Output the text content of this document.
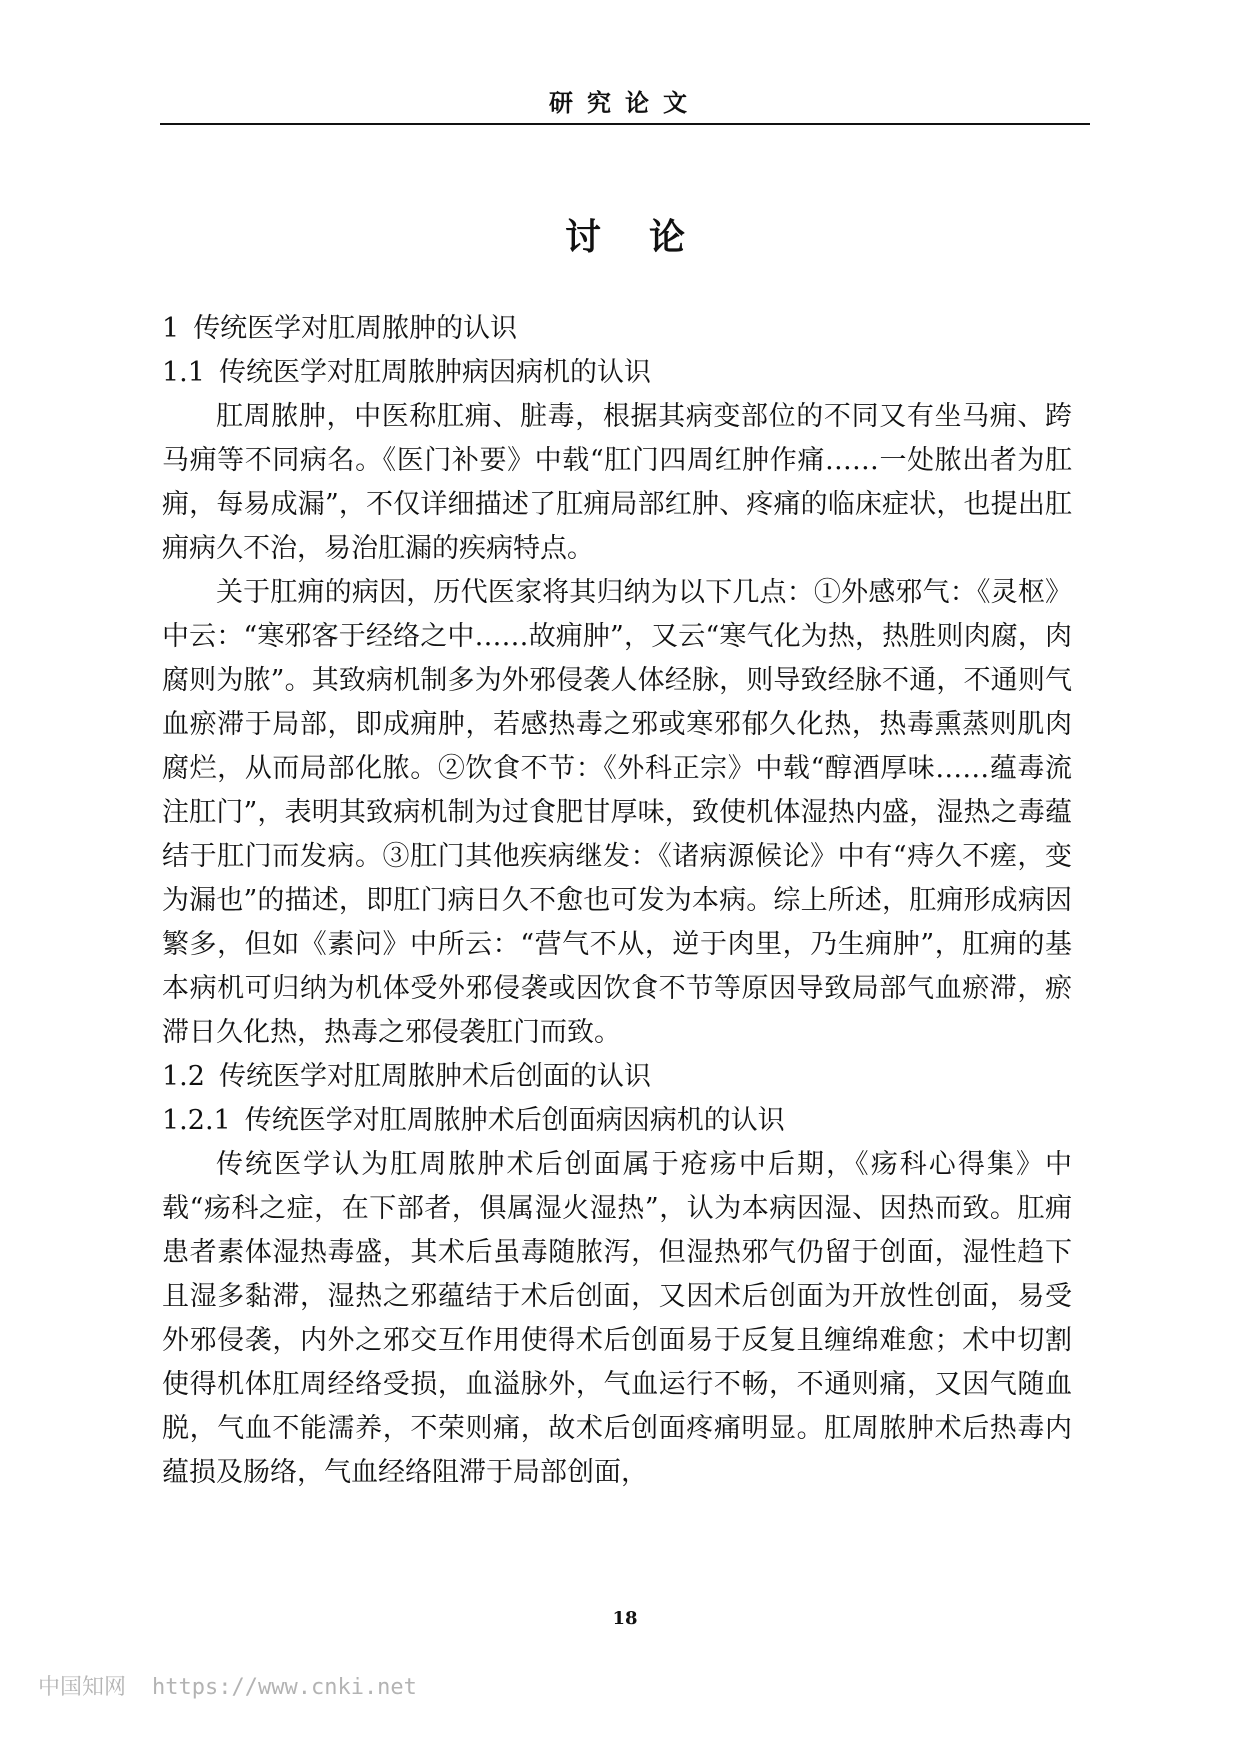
研究论文
讨论

1 传统医学对肛周脓肿的认识

1.1 传统医学对肛周脓肿病因病机的认识

肛周脓肿，中医称肛痈、脏毒，根据其病变部位的不同又有坐马痈、跨马痈等不同病名。《医门补要》中载“肛门四周红肿作痛……一处脓出者为肛痈，每易成漏”，不仅详细描述了肛痈局部红肿、疼痛的临床症状，也提出肛痈病久不治，易治肛漏的疾病特点。

关于肛痈的病因，历代医家将其归纳为以下几点：①外感邪气：《灵枢》中云：“寒邪客于经络之中……故痈肿”，又云“寒气化为热，热胜则肉腐，肉腐则为脓”。其致病机制多为外邪侵袭人体经脉，则导致经脉不通，不通则气血瘀滞于局部，即成痈肿，若感热毒之邪或寒邪郁久化热，热毒熏蒸则肌肉腐烂，从而局部化脓。②饮食不节：《外科正宗》中载“醇酒厚味……蕴毒流注肛门”，表明其致病机制为过食肥甘厚味，致使机体湿热内盛，湿热之毒蕴结于肛门而发病。③肛门其他疾病继发：《诸病源候论》中有“痔久不瘥，变为漏也”的描述，即肛门病日久不愈也可发为本病。综上所述，肛痈形成病因繁多，但如《素问》中所云：“营气不从，逆于肉里，乃生痈肿”，肛痈的基本病机可归纳为机体受外邪侵袭或因饮食不节等原因导致局部气血瘀滞，瘀滞日久化热，热毒之邪侵袭肛门而致。

1.2 传统医学对肛周脓肿术后创面的认识

1.2.1 传统医学对肛周脓肿术后创面病因病机的认识

传统医学认为肛周脓肿术后创面属于疮疡中后期，《疡科心得集》中载“疡科之症，在下部者，俱属湿火湿热”，认为本病因湿、因热而致。肛痈患者素体湿热毒盛，其术后虽毒随脓泻，但湿热邪气仍留于创面，湿性趋下且湿多黏滞，湿热之邪蕴结于术后创面，又因术后创面为开放性创面，易受外邪侵袭，内外之邪交互作用使得术后创面易于反复且缠绵难愈；术中切割使得机体肛周经络受损，血溢脉外，气血运行不畅，不通则痛，又因气随血脱，气血不能濡养，不荣则痛，故术后创面疼痛明显。肛周脓肿术后热毒内蕴损及肠络，气血经络阻滞于局部创面，

18
中国知网 https://www.cnki.net
